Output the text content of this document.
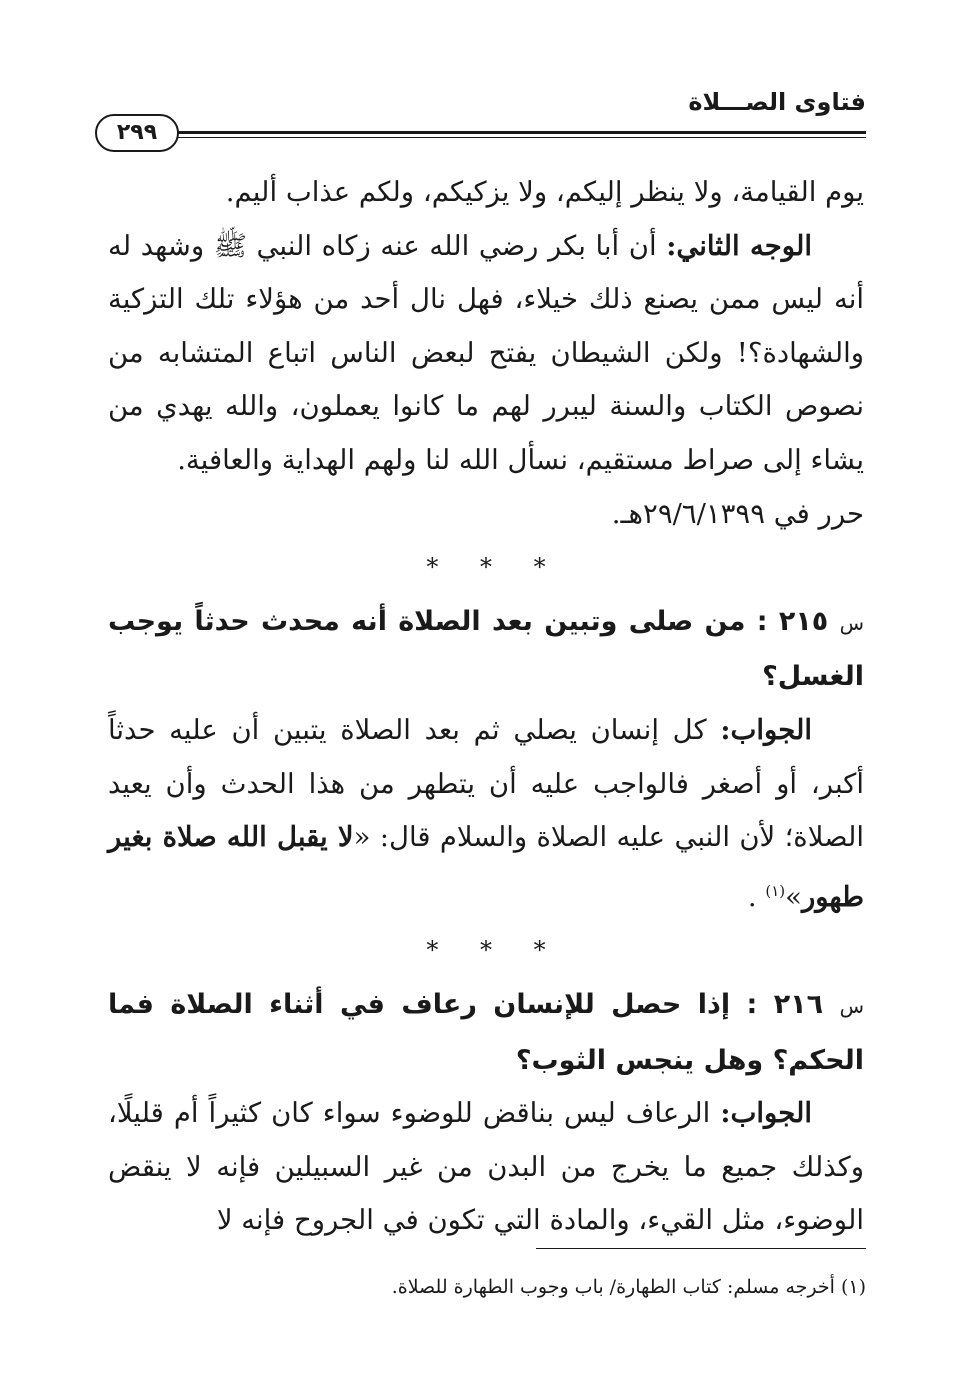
فتاوى الصـــلاة
٢٩٩

يوم القيامة، ولا ينظر إليكم، ولا يزكيكم، ولكم عذاب أليم.

الوجه الثاني: أن أبا بكر رضي الله عنه زكاه النبي ﷺ وشهد له أنه ليس ممن يصنع ذلك خيلاء، فهل نال أحد من هؤلاء تلك التزكية والشهادة؟! ولكن الشيطان يفتح لبعض الناس اتباع المتشابه من نصوص الكتاب والسنة ليبرر لهم ما كانوا يعملون، والله يهدي من يشاء إلى صراط مستقيم، نسأل الله لنا ولهم الهداية والعافية.

حرر في ٢٩/٦/١٣٩٩هـ.

* * *

س ٢١٥ : من صلى وتبين بعد الصلاة أنه محدث حدثاً يوجب الغسل؟

الجواب: كل إنسان يصلي ثم بعد الصلاة يتبين أن عليه حدثاً أكبر، أو أصغر فالواجب عليه أن يتطهر من هذا الحدث وأن يعيد الصلاة؛ لأن النبي عليه الصلاة والسلام قال: «لا يقبل الله صلاة بغير طهور»$^{(١)}$ .

* * *

س ٢١٦ : إذا حصل للإنسان رعاف في أثناء الصلاة فما الحكم؟ وهل ينجس الثوب؟

الجواب: الرعاف ليس بناقض للوضوء سواء كان كثيراً أم قليلًا، وكذلك جميع ما يخرج من البدن من غير السبيلين فإنه لا ينقض الوضوء، مثل القيء، والمادة التي تكون في الجروح فإنه لا

(١) أخرجه مسلم: كتاب الطهارة/ باب وجوب الطهارة للصلاة.
